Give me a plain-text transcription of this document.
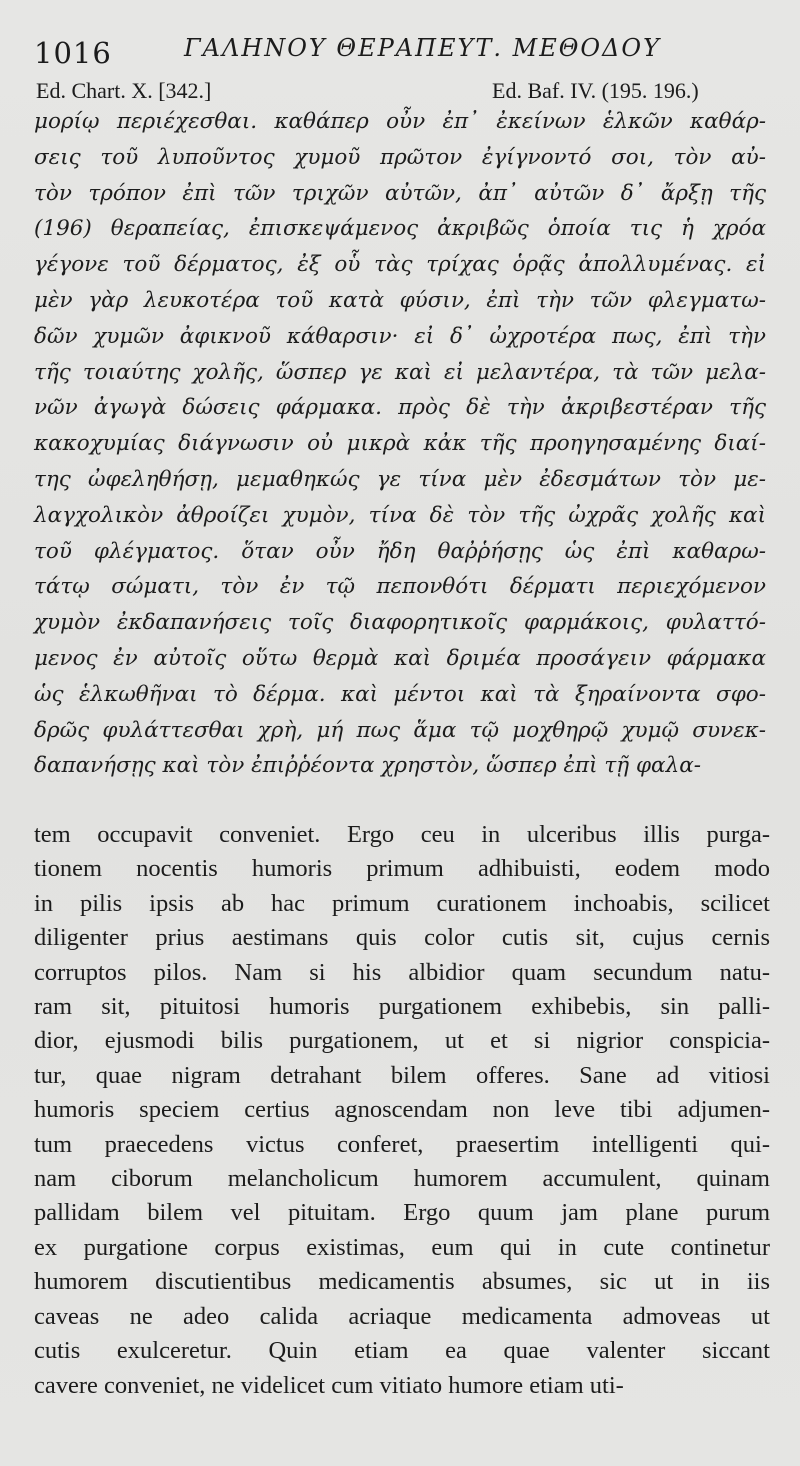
1016	ΓΑΛΗΝΟΥ ΘΕΡΑΠΕΥΤ. ΜΕΘΟΔΟΥ
Ed. Chart. X. [342.]	Ed. Baf. IV. (195. 196.)
μορίῳ περιέχεσθαι. καθάπερ οὖν ἐπ᾽ ἐκείνων ἑλκῶν καθάρ-
σεις τοῦ λυποῦντος χυμοῦ πρῶτον ἐγίγνοντό σοι, τὸν αὐ-
τὸν τρόπον ἐπὶ τῶν τριχῶν αὐτῶν, ἀπ᾽ αὐτῶν δ᾽ ἄρξῃ τῆς
(196) θεραπείας, ἐπισκεψάμενος ἀκριβῶς ὁποία τις ἡ χρόα
γέγονε τοῦ δέρματος, ἐξ οὗ τὰς τρίχας ὁρᾷς ἀπολλυμένας. εἰ
μὲν γὰρ λευκοτέρα τοῦ κατὰ φύσιν, ἐπὶ τὴν τῶν φλεγματω-
δῶν χυμῶν ἀφικνοῦ κάθαρσιν· εἰ δ᾽ ὠχροτέρα πως, ἐπὶ τὴν
τῆς τοιαύτης χολῆς, ὥσπερ γε καὶ εἰ μελαντέρα, τὰ τῶν μελα-
νῶν ἀγωγὰ δώσεις φάρμακα. πρὸς δὲ τὴν ἀκριβεστέραν τῆς
κακοχυμίας διάγνωσιν οὐ μικρὰ κἀκ τῆς προηγησαμένης διαί-
της ὠφεληθήσῃ, μεμαθηκώς γε τίνα μὲν ἐδεσμάτων τὸν με-
λαγχολικὸν ἀθροίζει χυμὸν, τίνα δὲ τὸν τῆς ὠχρᾶς χολῆς καὶ
τοῦ φλέγματος. ὅταν οὖν ἤδη θαῤῥήσῃς ὡς ἐπὶ καθαρω-
τάτῳ σώματι, τὸν ἐν τῷ πεπονθότι δέρματι περιεχόμενον
χυμὸν ἐκδαπανήσεις τοῖς διαφορητικοῖς φαρμάκοις, φυλαττό-
μενος ἐν αὐτοῖς οὕτω θερμὰ καὶ δριμέα προσάγειν φάρμακα
ὡς ἑλκωθῆναι τὸ δέρμα. καὶ μέντοι καὶ τὰ ξηραίνοντα σφο-
δρῶς φυλάττεσθαι χρὴ, μή πως ἅμα τῷ μοχθηρῷ χυμῷ συνεκ-
δαπανήσῃς καὶ τὸν ἐπιῤῥέοντα χρηστὸν, ὥσπερ ἐπὶ τῇ φαλα-
tem occupavit conveniet. Ergo ceu in ulceribus illis purga-
tionem nocentis humoris primum adhibuisti, eodem modo
in pilis ipsis ab hac primum curationem inchoabis, scilicet
diligenter prius aestimans quis color cutis sit, cujus cernis
corruptos pilos. Nam si his albidior quam secundum natu-
ram sit, pituitosi humoris purgationem exhibebis, sin palli-
dior, ejusmodi bilis purgationem, ut et si nigrior conspicia-
tur, quae nigram detrahant bilem offeres. Sane ad vitiosi
humoris speciem certius agnoscendam non leve tibi adjumen-
tum praecedens victus conferet, praesertim intelligenti qui-
nam ciborum melancholicum humorem accumulent, quinam
pallidam bilem vel pituitam. Ergo quum jam plane purum
ex purgatione corpus existimas, eum qui in cute continetur
humorem discutientibus medicamentis absumes, sic ut in iis
caveas ne adeo calida acriaque medicamenta admoveas ut
cutis exulceretur. Quin etiam ea quae valenter siccant
cavere conveniet, ne videlicet cum vitiato humore etiam uti-
